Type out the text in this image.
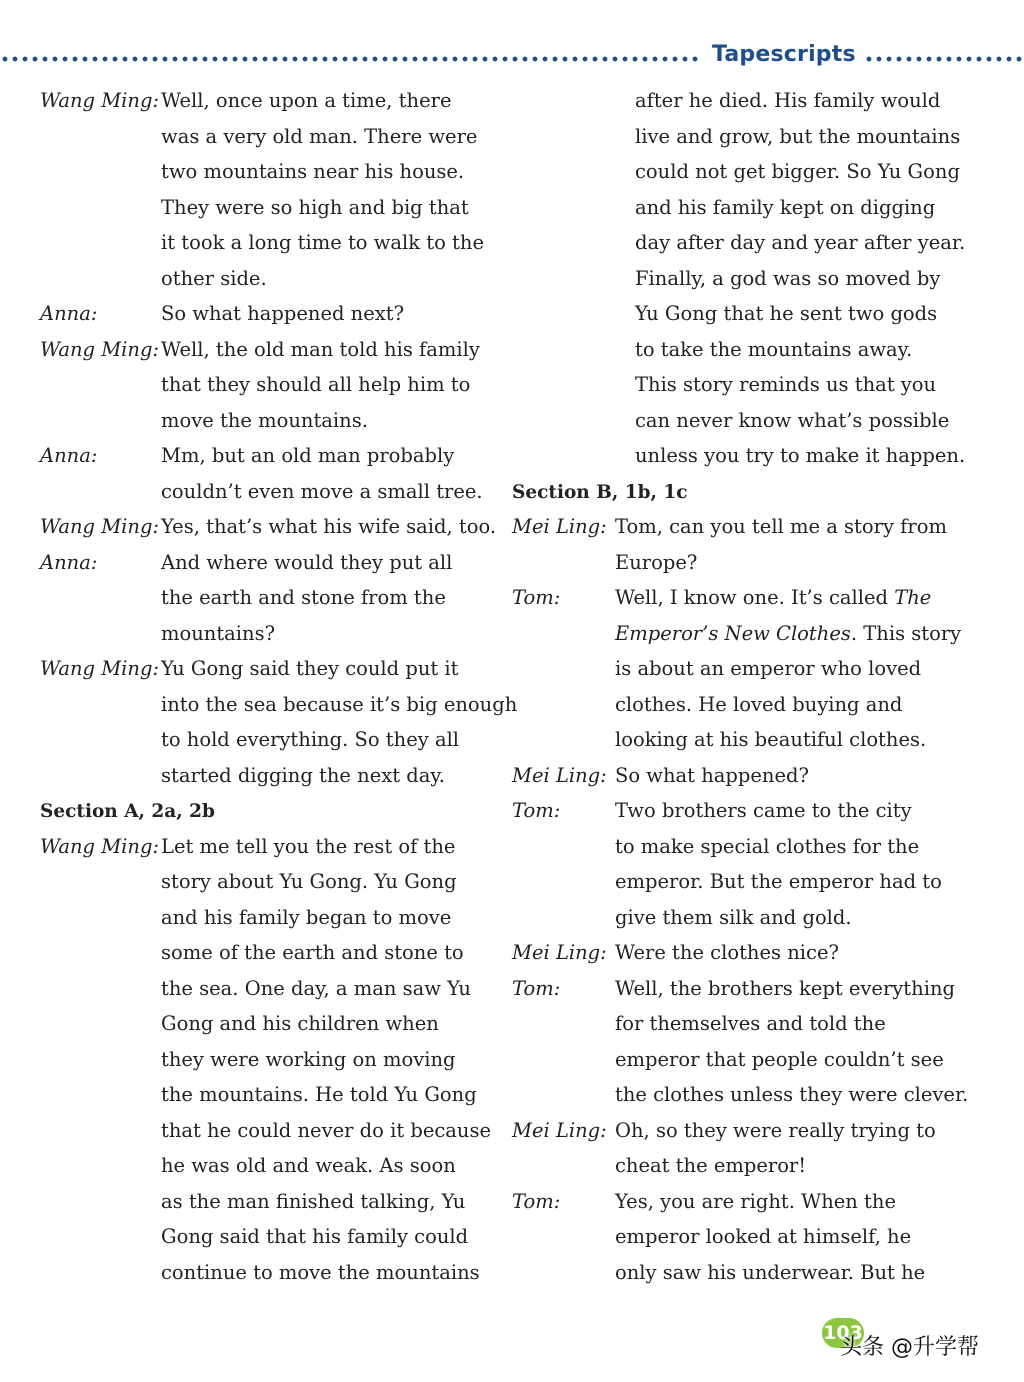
Tapescripts
Wang Ming: Well, once upon a time, there
was a very old man. There were
two mountains near his house.
They were so high and big that
it took a long time to walk to the
other side.
Anna:	So what happened next?
Wang Ming: Well, the old man told his family
that they should all help him to
move the mountains.
Anna:	Mm, but an old man probably
couldn’t even move a small tree.
Wang Ming: Yes, that’s what his wife said, too.
Anna:	And where would they put all
the earth and stone from the
mountains?
Wang Ming: Yu Gong said they could put it
into the sea because it’s big enough
to hold everything. So they all
started digging the next day.
Section A, 2a, 2b
Wang Ming: Let me tell you the rest of the
story about Yu Gong. Yu Gong
and his family began to move
some of the earth and stone to
the sea. One day, a man saw Yu
Gong and his children when
they were working on moving
the mountains. He told Yu Gong
that he could never do it because
he was old and weak. As soon
as the man finished talking, Yu
Gong said that his family could
continue to move the mountains
after he died. His family would
live and grow, but the mountains
could not get bigger. So Yu Gong
and his family kept on digging
day after day and year after year.
Finally, a god was so moved by
Yu Gong that he sent two gods
to take the mountains away.
This story reminds us that you
can never know what’s possible
unless you try to make it happen.
Section B, 1b, 1c
Mei Ling: Tom, can you tell me a story from
Europe?
Tom:	Well, I know one. It’s called The
Emperor’s New Clothes. This story
is about an emperor who loved
clothes. He loved buying and
looking at his beautiful clothes.
Mei Ling: So what happened?
Tom:	Two brothers came to the city
to make special clothes for the
emperor. But the emperor had to
give them silk and gold.
Mei Ling: Were the clothes nice?
Tom:	Well, the brothers kept everything
for themselves and told the
emperor that people couldn’t see
the clothes unless they were clever.
Mei Ling: Oh, so they were really trying to
cheat the emperor!
Tom:	Yes, you are right. When the
emperor looked at himself, he
only saw his underwear. But he
103
头条 @升学帮
